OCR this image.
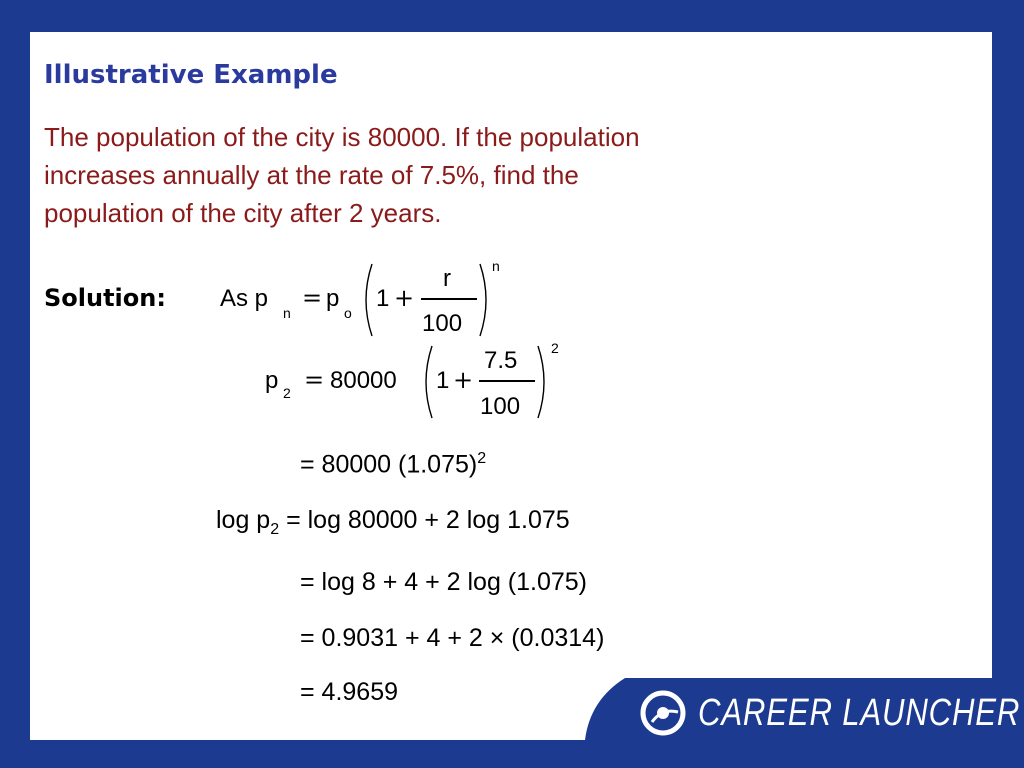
CAREER LAUNCHER
Illustrative Example

The population of the city is 80000. If the population increases annually at the rate of 7.5%, find the population of the city after 2 years.

Solution: As p
n
= p
o
1 +
r
100
n
p 2 = 80000 1 +
7.5
100
2
= 80000 $(1.075)^2$
$\log p_2 = \log 80000 + 2$ log 1.075
= log 8 + 4 + 2 log (1.075)
= 0.9031 + 4 + 2 × (0.0314)
= 4.9659
